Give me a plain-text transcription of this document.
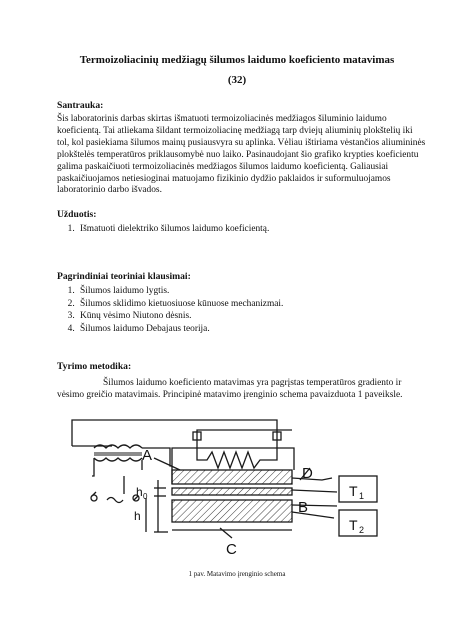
Termoizoliacinių medžiagų šilumos laidumo koeficiento matavimas
(32)
Santrauka:
Šis laboratorinis darbas skirtas išmatuoti termoizoliacinės medžiagos šiluminio laidumo koeficientą. Tai atliekama šildant termoizoliacinę medžiagą tarp dviejų aliuminių plokštelių iki tol, kol pasiekiama šilumos mainų pusiausvyra su aplinka. Vėliau ištiriama vėstančios aliumininės plokštelės temperatūros priklausomybė nuo laiko. Pasinaudojant šio grafiko krypties koeficientu galima paskaičiuoti termoizoliacinės medžiagos šilumos laidumo koeficientą. Galiausiai paskaičiuojamos netiesioginai matuojamo fizikinio dydžio paklaidos ir suformuluojamos laboratorinio darbo išvados.
Užduotis:
1. Išmatuoti dielektriko šilumos laidumo koeficientą.
Pagrindiniai teoriniai klausimai:
1. Šilumos laidumo lygtis.
2. Šilumos sklidimo kietuosiuose kūnuose mechanizmai.
3. Kūnų vėsimo Niutono dėsnis.
4. Šilumos laidumo Debajaus teorija.
Tyrimo metodika:
Šilumos laidumo koeficiento matavimas yra pagrįstas temperatūros gradiento ir vėsimo greičio matavimais. Principinė matavimo įrenginio schema pavaizduota 1 paveiksle.
A
D
B
C
T 1
T 2
h 0
h
1 pav. Matavimo įrenginio schema
